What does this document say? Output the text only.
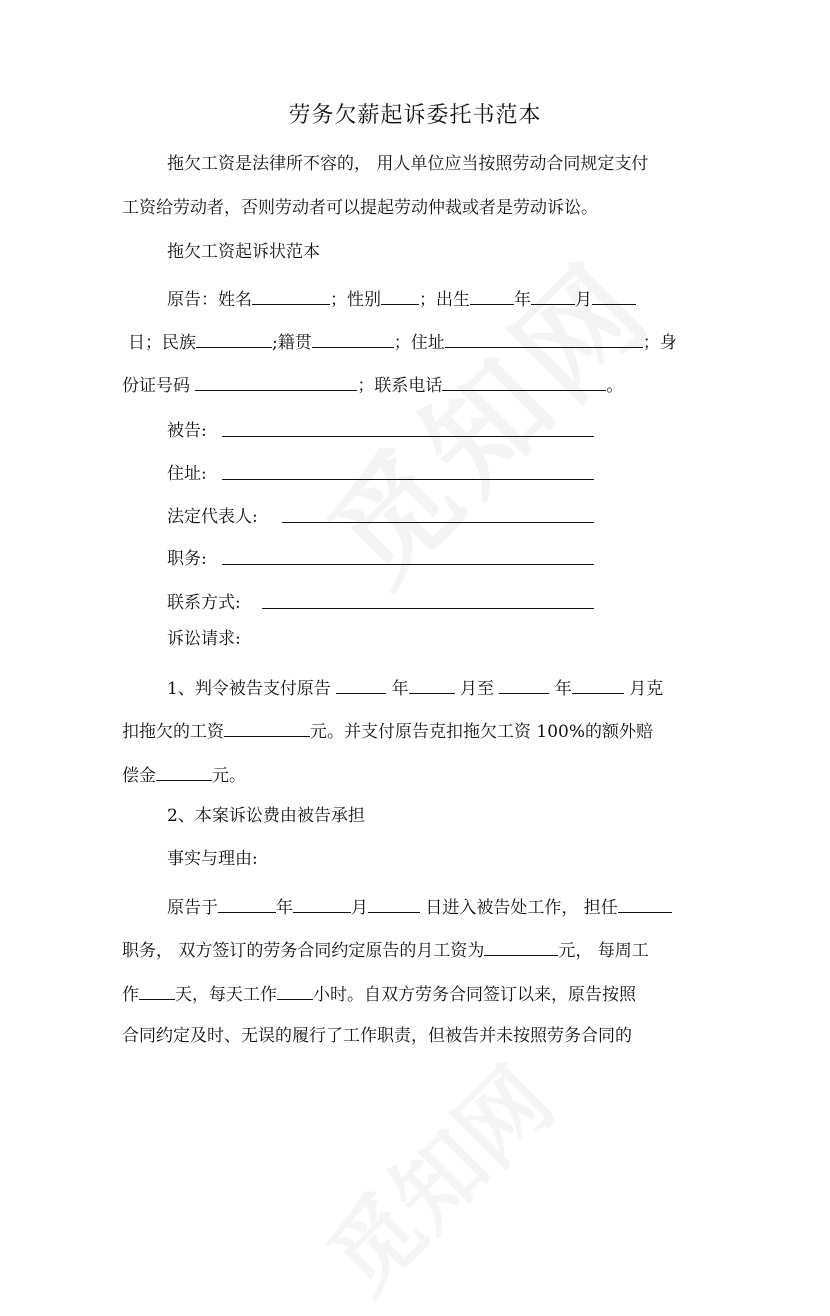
劳务欠薪起诉委托书范本
拖欠工资是法律所不容的， 用人单位应当按照劳动合同规定支付
工资给劳动者，否则劳动者可以提起劳动仲裁或者是劳动诉讼。
拖欠工资起诉状范本
原告：姓名	；性别 ；出生	年	月
日；民族	;籍贯	；住址	；身
份证号码	；联系电话	。
被告:
住址:
法定代表人:
职务:
联系方式:
诉讼请求:
1、判令被告支付原告	年	月至	年	月克
扣拖欠的工资	元。并支付原告克扣拖欠工资 100%的额外赔
偿金	元。
2、本案诉讼费由被告承担
事实与理由:
原告于	年	月	日进入被告处工作， 担任
职务， 双方签订的劳务合同约定原告的月工资为	元， 每周工
作 天，每天工作 小时。自双方劳务合同签订以来，原告按照
合同约定及时、无误的履行了工作职责，但被告并未按照劳务合同的
